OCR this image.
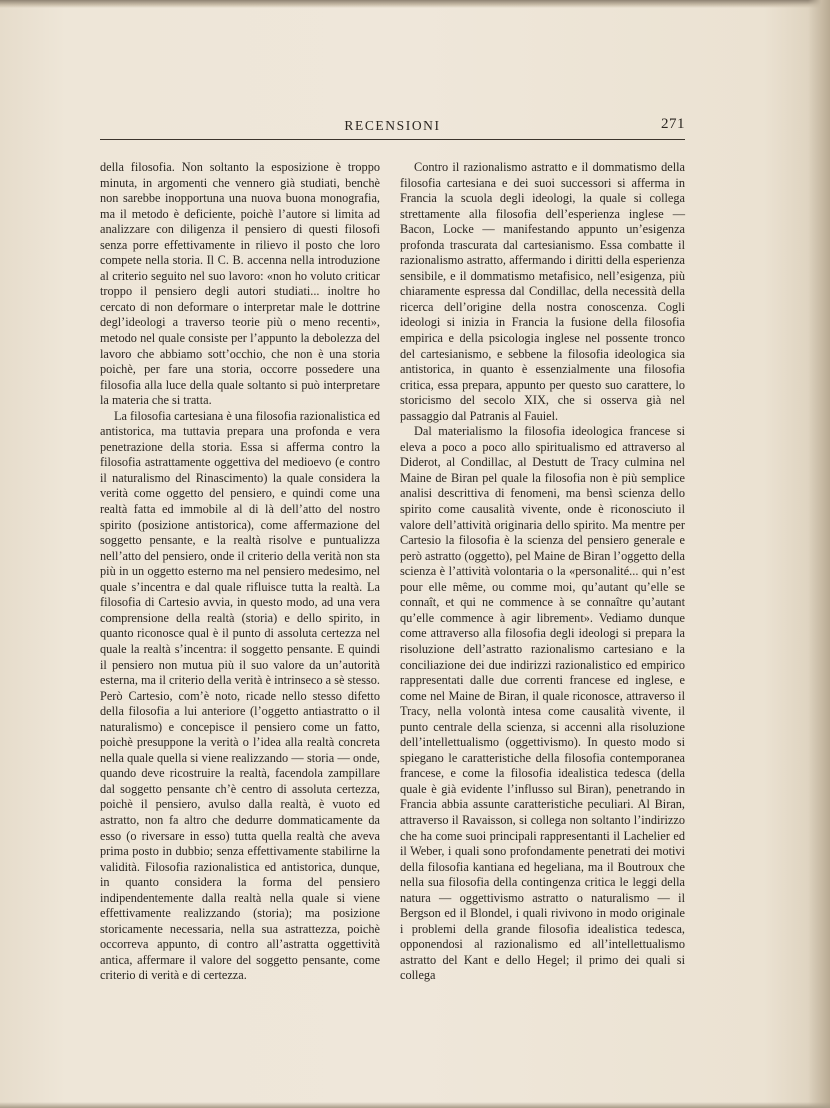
RECENSIONI	271

della filosofia. Non soltanto la esposizione è troppo minuta, in argomenti che vennero già studiati, benchè non sarebbe inopportuna una nuova buona monografia, ma il metodo è deficiente, poichè l’autore si limita ad analizzare con diligenza il pensiero di questi filosofi senza porre effettivamente in rilievo il posto che loro compete nella storia. Il C. B. accenna nella introduzione al criterio seguito nel suo lavoro: «non ho voluto criticar troppo il pensiero degli autori studiati... inoltre ho cercato di non deformare o interpretar male le dottrine degl’ideologi a traverso teorie più o meno recenti», metodo nel quale consiste per l’appunto la debolezza del lavoro che abbiamo sott’occhio, che non è una storia poichè, per fare una storia, occorre possedere una filosofia alla luce della quale soltanto si può interpretare la materia che si tratta.

La filosofia cartesiana è una filosofia razionalistica ed antistorica, ma tuttavia prepara una profonda e vera penetrazione della storia. Essa si afferma contro la filosofia astrattamente oggettiva del medioevo (e contro il naturalismo del Rinascimento) la quale considera la verità come oggetto del pensiero, e quindi come una realtà fatta ed immobile al di là dell’atto del nostro spirito (posizione antistorica), come affermazione del soggetto pensante, e la realtà risolve e puntualizza nell’atto del pensiero, onde il criterio della verità non sta più in un oggetto esterno ma nel pensiero medesimo, nel quale s’incentra e dal quale rifluisce tutta la realtà. La filosofia di Cartesio avvia, in questo modo, ad una vera comprensione della realtà (storia) e dello spirito, in quanto riconosce qual è il punto di assoluta certezza nel quale la realtà s’incentra: il soggetto pensante. E quindi il pensiero non mutua più il suo valore da un’autorità esterna, ma il criterio della verità è intrinseco a sè stesso. Però Cartesio, com’è noto, ricade nello stesso difetto della filosofia a lui anteriore (l’oggetto antiastratto o il naturalismo) e concepisce il pensiero come un fatto, poichè presuppone la verità o l’idea alla realtà concreta nella quale quella si viene realizzando — storia — onde, quando deve ricostruire la realtà, facendola zampillare dal soggetto pensante ch’è centro di assoluta certezza, poichè il pensiero, avulso dalla realtà, è vuoto ed astratto, non fa altro che dedurre dommaticamente da esso (o riversare in esso) tutta quella realtà che aveva prima posto in dubbio; senza effettivamente stabilirne la validità. Filosofia razionalistica ed antistorica, dunque, in quanto considera la forma del pensiero indipendentemente dalla realtà nella quale si viene effettivamente realizzando (storia); ma posizione storicamente necessaria, nella sua astrattezza, poichè occorreva appunto, di contro all’astratta oggettività antica, affermare il valore del soggetto pensante, come criterio di verità e di certezza.

Contro il razionalismo astratto e il dommatismo della filosofia cartesiana e dei suoi successori si afferma in Francia la scuola degli ideologi, la quale si collega strettamente alla filosofia dell’esperienza inglese — Bacon, Locke — manifestando appunto un’esigenza profonda trascurata dal cartesianismo. Essa combatte il razionalismo astratto, affermando i diritti della esperienza sensibile, e il dommatismo metafisico, nell’esigenza, più chiaramente espressa dal Condillac, della necessità della ricerca dell’origine della nostra conoscenza. Cogli ideologi si inizia in Francia la fusione della filosofia empirica e della psicologia inglese nel possente tronco del cartesianismo, e sebbene la filosofia ideologica sia antistorica, in quanto è essenzialmente una filosofia critica, essa prepara, appunto per questo suo carattere, lo storicismo del secolo XIX, che si osserva già nel passaggio dal Patranis al Fauiel.

Dal materialismo la filosofia ideologica francese si eleva a poco a poco allo spiritualismo ed attraverso al Diderot, al Condillac, al Destutt de Tracy culmina nel Maine de Biran pel quale la filosofia non è più semplice analisi descrittiva di fenomeni, ma bensì scienza dello spirito come causalità vivente, onde è riconosciuto il valore dell’attività originaria dello spirito. Ma mentre per Cartesio la filosofia è la scienza del pensiero generale e però astratto (oggetto), pel Maine de Biran l’oggetto della scienza è l’attività volontaria o la «personalité... qui n’est pour elle même, ou comme moi, qu’autant qu’elle se connaît, et qui ne commence à se connaître qu’autant qu’elle commence à agir librement». Vediamo dunque come attraverso alla filosofia degli ideologi si prepara la risoluzione dell’astratto razionalismo cartesiano e la conciliazione dei due indirizzi razionalistico ed empirico rappresentati dalle due correnti francese ed inglese, e come nel Maine de Biran, il quale riconosce, attraverso il Tracy, nella volontà intesa come causalità vivente, il punto centrale della scienza, si accenni alla risoluzione dell’intellettualismo (oggettivismo). In questo modo si spiegano le caratteristiche della filosofia contemporanea francese, e come la filosofia idealistica tedesca (della quale è già evidente l’influsso sul Biran), penetrando in Francia abbia assunte caratteristiche peculiari. Al Biran, attraverso il Ravaisson, si collega non soltanto l’indirizzo che ha come suoi principali rappresentanti il Lachelier ed il Weber, i quali sono profondamente penetrati dei motivi della filosofia kantiana ed hegeliana, ma il Boutroux che nella sua filosofia della contingenza critica le leggi della natura — oggettivismo astratto o naturalismo — il Bergson ed il Blondel, i quali rivivono in modo originale i problemi della grande filosofia idealistica tedesca, opponendosi al razionalismo ed all’intellettualismo astratto del Kant e dello Hegel; il primo dei quali si collega
